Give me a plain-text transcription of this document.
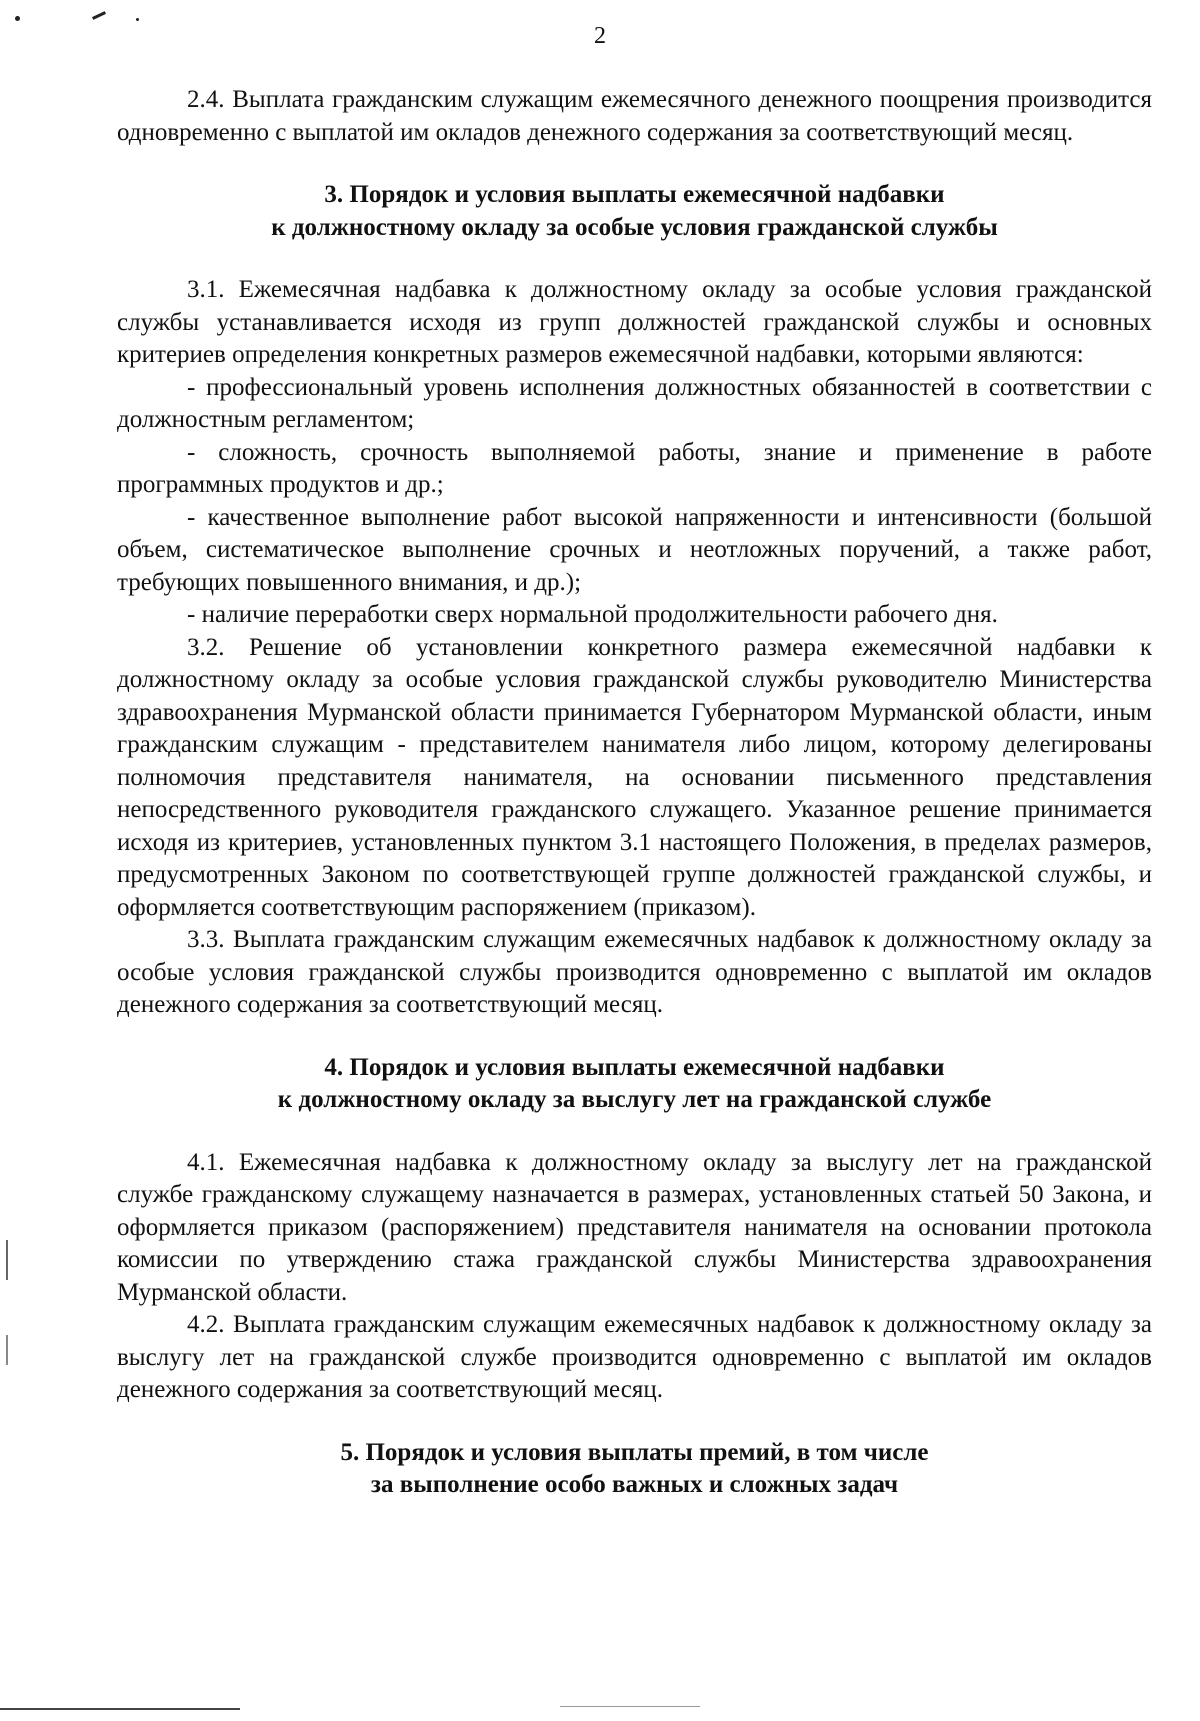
2

2.4. Выплата гражданским служащим ежемесячного денежного поощрения производится одновременно с выплатой им окладов денежного содержания за соответствующий месяц.

3. Порядок и условия выплаты ежемесячной надбавки
к должностному окладу за особые условия гражданской службы

3.1. Ежемесячная надбавка к должностному окладу за особые условия гражданской службы устанавливается исходя из групп должностей гражданской службы и основных критериев определения конкретных размеров ежемесячной надбавки, которыми являются:

- профессиональный уровень исполнения должностных обязанностей в соответствии с должностным регламентом;

- сложность, срочность выполняемой работы, знание и применение в работе программных продуктов и др.;

- качественное выполнение работ высокой напряженности и интенсивности (большой объем, систематическое выполнение срочных и неотложных поручений, а также работ, требующих повышенного внимания, и др.);

- наличие переработки сверх нормальной продолжительности рабочего дня.

3.2. Решение об установлении конкретного размера ежемесячной надбавки к должностному окладу за особые условия гражданской службы руководителю Министерства здравоохранения Мурманской области принимается Губернатором Мурманской области, иным гражданским служащим - представителем нанимателя либо лицом, которому делегированы полномочия представителя нанимателя, на основании письменного представления непосредственного руководителя гражданского служащего. Указанное решение принимается исходя из критериев, установленных пунктом 3.1 настоящего Положения, в пределах размеров, предусмотренных Законом по соответствующей группе должностей гражданской службы, и оформляется соответствующим распоряжением (приказом).

3.3. Выплата гражданским служащим ежемесячных надбавок к должностному окладу за особые условия гражданской службы производится одновременно с выплатой им окладов денежного содержания за соответствующий месяц.

4. Порядок и условия выплаты ежемесячной надбавки
к должностному окладу за выслугу лет на гражданской службе

4.1. Ежемесячная надбавка к должностному окладу за выслугу лет на гражданской службе гражданскому служащему назначается в размерах, установленных статьей 50 Закона, и оформляется приказом (распоряжением) представителя нанимателя на основании протокола комиссии по утверждению стажа гражданской службы Министерства здравоохранения Мурманской области.

4.2. Выплата гражданским служащим ежемесячных надбавок к должностному окладу за выслугу лет на гражданской службе производится одновременно с выплатой им окладов денежного содержания за соответствующий месяц.

5. Порядок и условия выплаты премий, в том числе
за выполнение особо важных и сложных задач
